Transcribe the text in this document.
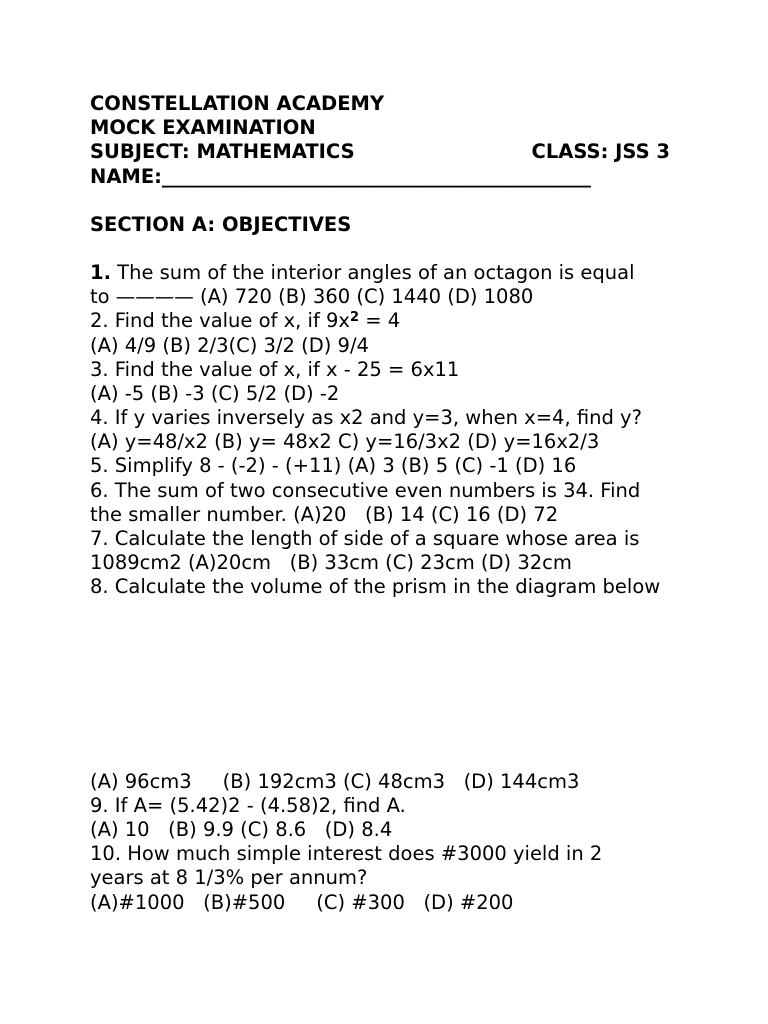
CONSTELLATION ACADEMY
MOCK EXAMINATION
SUBJECT: MATHEMATICS	CLASS: JSS 3
NAME:____________________________________________
SECTION A: OBJECTIVES
1. The sum of the interior angles of an octagon is equal
to ———— (A) 720 (B) 360 (C) 1440 (D) 1080
2. Find the value of x, if $9x^2 = 4$
(A) 4/9 (B) 2/3(C) 3/2 (D) 9/4
3. Find the value of x, if x - 25 = 6x11
(A) -5 (B) -3 (C) 5/2 (D) -2
4. If y varies inversely as x2 and y=3, when x=4, find y?
(A) y=48/x2 (B) y= 48x2 C) y=16/3x2 (D) y=16x2/3
5. Simplify 8 - (-2) - (+11) (A) 3 (B) 5 (C) -1 (D) 16
6. The sum of two consecutive even numbers is 34. Find
the smaller number. (A)20   (B) 14 (C) 16 (D) 72
7. Calculate the length of side of a square whose area is
1089cm2 (A)20cm   (B) 33cm (C) 23cm (D) 32cm
8. Calculate the volume of the prism in the diagram below
(A) 96cm3     (B) 192cm3 (C) 48cm3   (D) 144cm3
9. If A= (5.42)2 - (4.58)2, find A.
(A) 10   (B) 9.9 (C) 8.6   (D) 8.4
10. How much simple interest does #3000 yield in 2
years at 8 1/3% per annum?
(A)#1000   (B)#500     (C) #300   (D) #200
